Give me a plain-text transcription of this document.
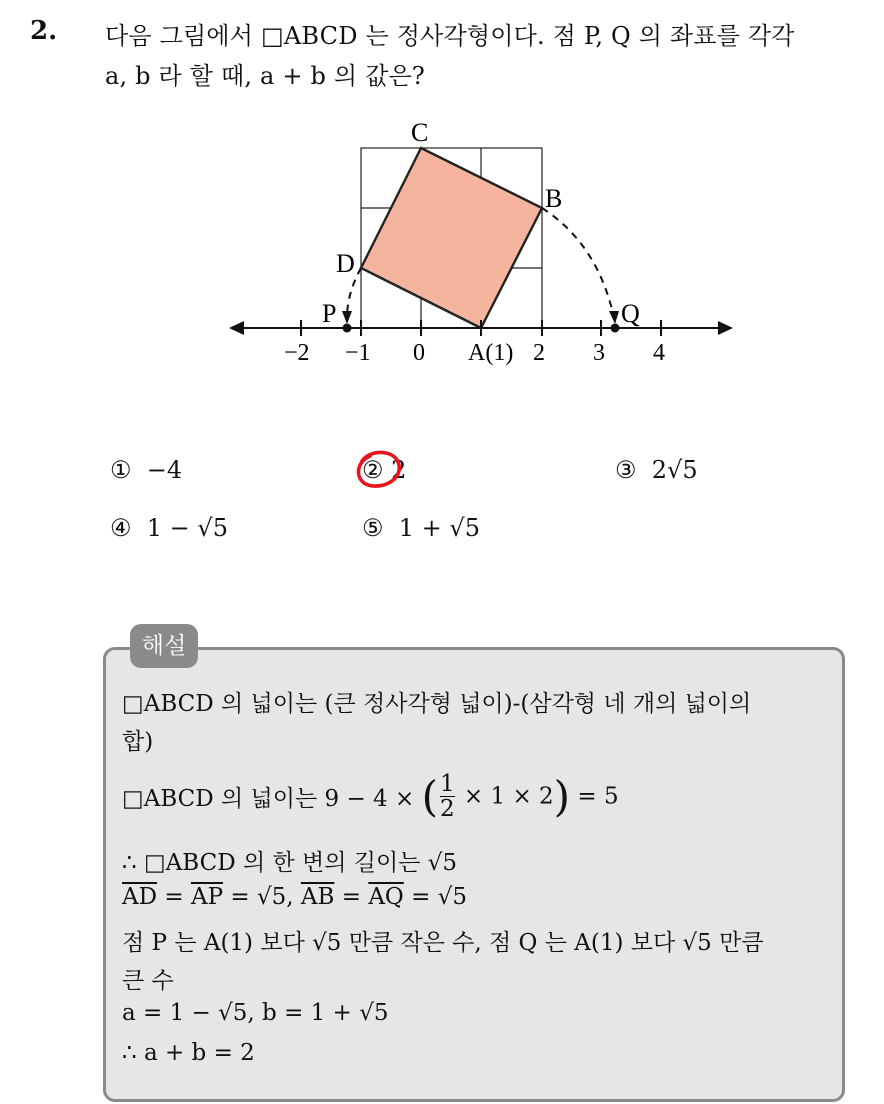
2. 다음 그림에서 □ABCD 는 정사각형이다. 점 P, Q 의 좌표를 각각
a, b 라 할 때, a + b 의 값은?
C
B
D
P	Q
−2 −1 0 A(1) 2 3 4
① −4	② 2	③ 2√5
④ 1 − √5	⑤ 1 + √5
해설
□ABCD 의 넓이는 (큰 정사각형 넓이)-(삼각형 네 개의 넓이의
합)
□ABCD 의 넓이는 9 − 4 × ( $\frac{1}{2} \times 1 \times 2) = 5$
∴ □ABCD 의 한 변의 길이는 √5
$\overline{AD} = \overline{AP} = √5$, $\overline{AB} = \overline{AQ} = √5$
점 P 는 A(1) 보다 √5 만큼 작은 수, 점 Q 는 A(1) 보다 √5 만큼
큰 수
a = 1 − √5, b = 1 + √5
∴ a + b = 2
